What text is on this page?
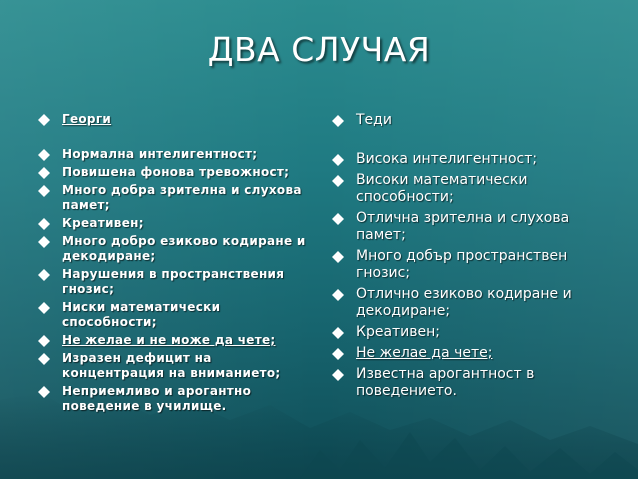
ДВА СЛУЧАЯ
Георги
Нормална интелигентност;
Повишена фонова тревожност;
Много добра зрителна и слухова памет;
Креативен;
Много добро езиково кодиране и декодиране;
Нарушения в пространствения гнозис;
Ниски математически способности;
Не желае и не може да чете;
Изразен дефицит на концентрация на вниманието;
Неприемливо и арогантно поведение в училище.
Теди
Висока интелигентност;
Високи математически способности;
Отлична зрителна и слухова памет;
Много добър пространствен гнозис;
Отлично езиково кодиране и декодиране;
Креативен;
Не желае да чете;
Известна арогантност в поведението.
